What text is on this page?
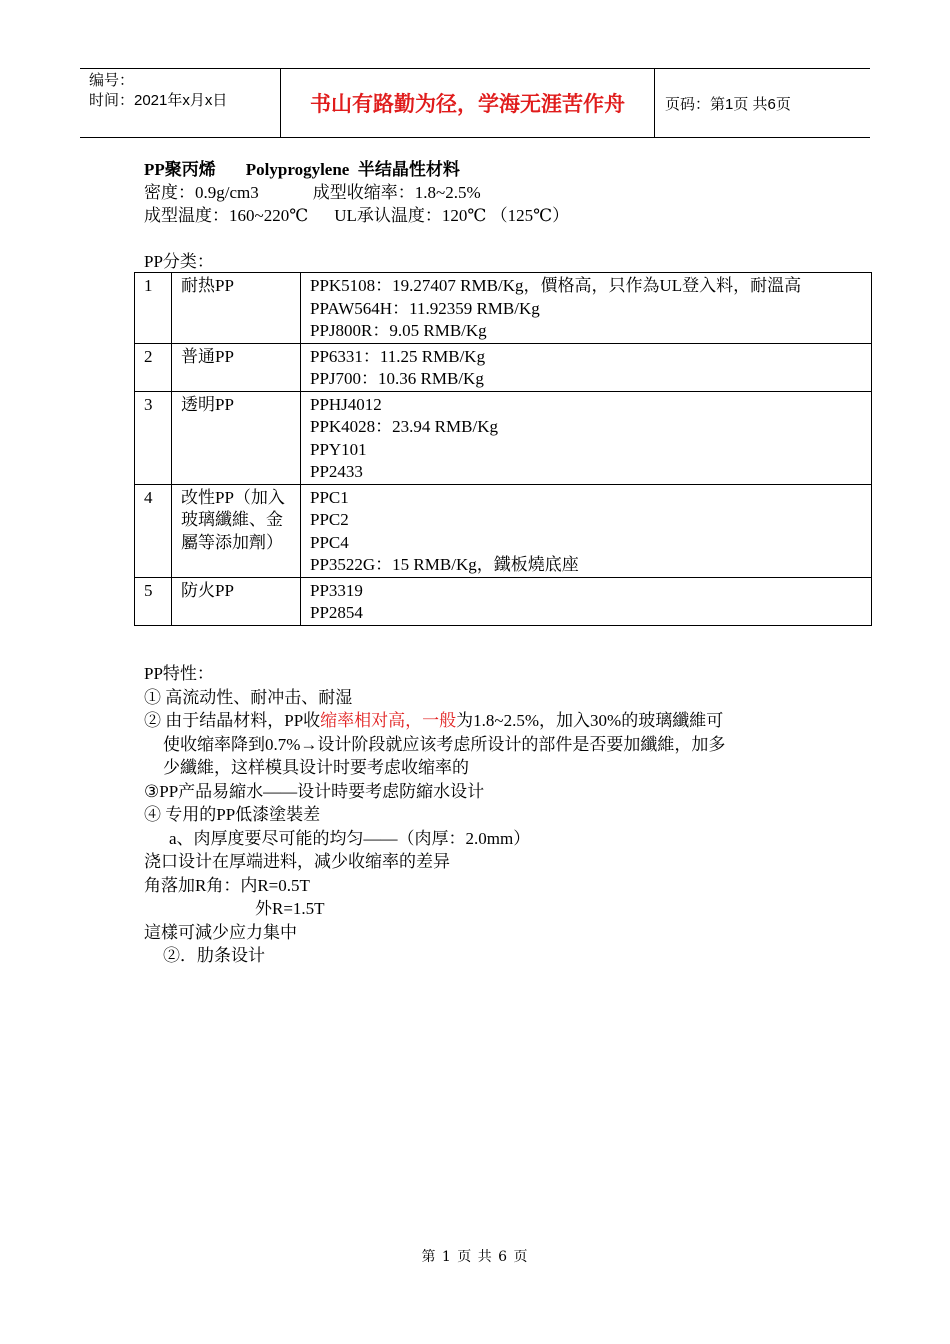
编号：
时间：2021年x月x日	书山有路勤为径，学海无涯苦作舟	页码：第1页 共6页
PP聚丙烯 Polyprogylene 半结晶性材料
密度：0.9g/cm3	成型收缩率：1.8~2.5%
成型温度：160~220℃ UL承认温度：120℃ （125℃）
PP分类：
1	耐热PP	PPK5108：19.27407 RMB/Kg，價格高，只作為UL登入料，耐溫高
PPAW564H：11.92359 RMB/Kg
PPJ800R：9.05 RMB/Kg

2	普通PP	PP6331：11.25 RMB/Kg
PPJ700：10.36 RMB/Kg

3	透明PP	PPHJ4012
PPK4028：23.94 RMB/Kg
PPY101
PP2433

4	改性PP（加入玻璃纖維、金屬等添加劑）	PPC1
PPC2
PPC4
PP3522G：15 RMB/Kg，鐵板燒底座

5	防火PP	PP3319
PP2854
PP特性：
① 高流动性、耐冲击、耐湿
② 由于结晶材料，PP收缩率相对高，一般为1.8~2.5%，加入30%的玻璃纖維可
使收缩率降到0.7%→设计阶段就应该考虑所设计的部件是否要加纖維，加多
少纖維，这样模具设计时要考虑收缩率的
③PP产品易縮水——设计時要考虑防縮水设计
④ 专用的PP低漆塗裝差
a、肉厚度要尽可能的均匀——（肉厚：2.0mm）
浇口设计在厚端进料，减少收缩率的差异
角落加R角：内R=0.5T
外R=1.5T
這樣可減少应力集中
②．肋条设计
第 1 页 共 6 页
